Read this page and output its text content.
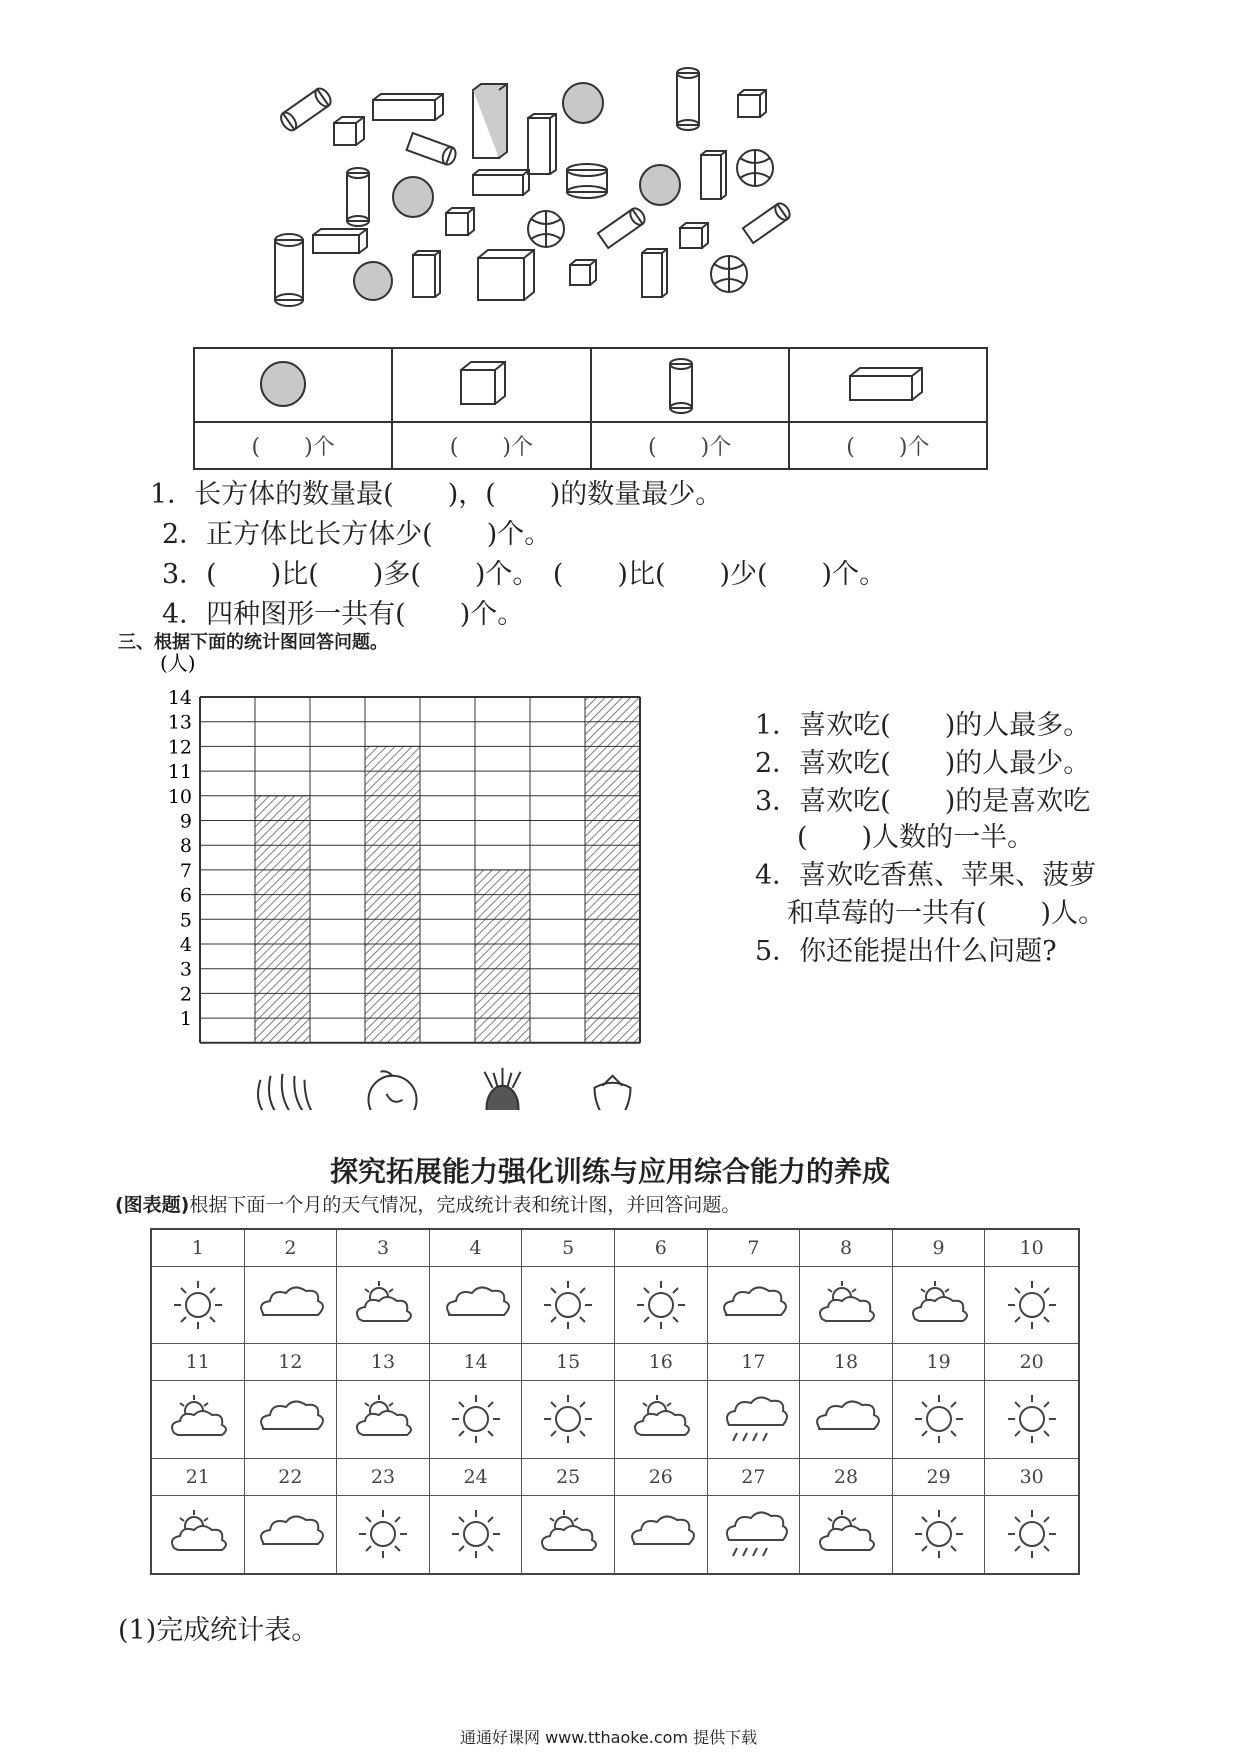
(　　)个	(　　)个	(　　)个	(　　)个
1．长方体的数量最(　　)，(　　)的数量最少。
2．正方体比长方体少(　　)个。
3．(　　)比(　　)多(　　)个。　(　　)比(　　)少(　　)个。
4．四种图形一共有(　　)个。
三、根据下面的统计图回答问题。
(人)
1
2
3
4
5
6
7
8
9
10
11
12
13
14
1．喜欢吃(　　)的人最多。
2．喜欢吃(　　)的人最少。
3．喜欢吃(　　)的是喜欢吃
(　　)人数的一半。
4．喜欢吃香蕉、苹果、菠萝
和草莓的一共有(　　)人。
5．你还能提出什么问题?
探究拓展能力强化训练与应用综合能力的养成
(图表题)根据下面一个月的天气情况，完成统计表和统计图，并回答问题。
1	2	3	4	5	6	7	8	9	10
11	12	13	14	15	16	17	18	19	20
21	22	23	24	25	26	27	28	29	30
(1)完成统计表。
通通好课网 www.tthaoke.com 提供下载
